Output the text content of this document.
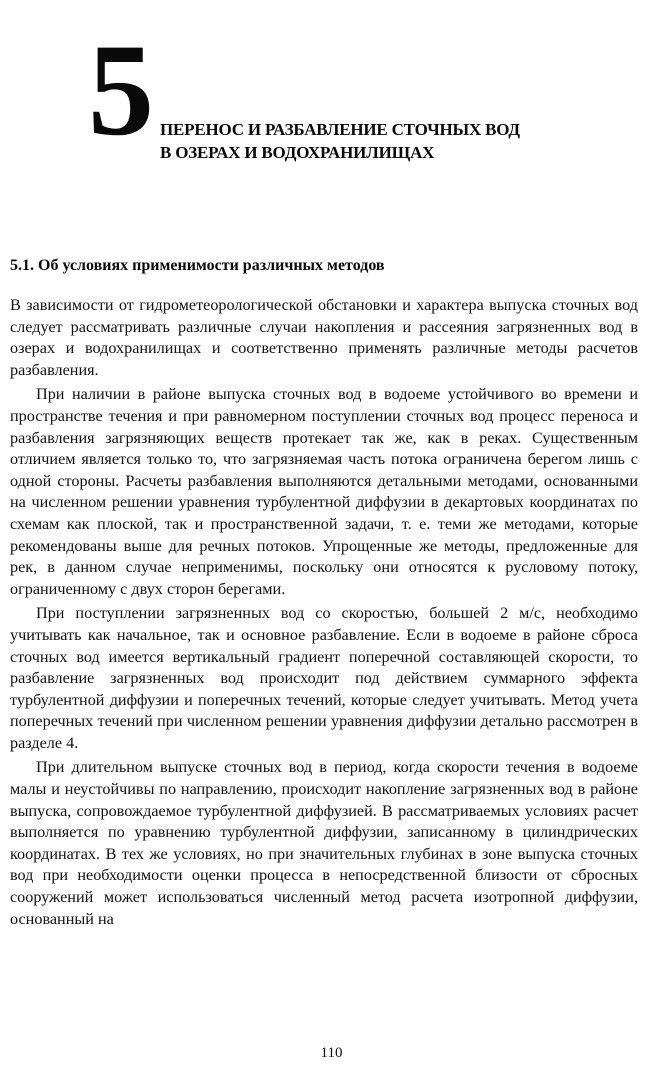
5 ПЕРЕНОС И РАЗБАВЛЕНИЕ СТОЧНЫХ ВОД
В ОЗЕРАХ И ВОДОХРАНИЛИЩАХ
5.1. Об условиях применимости различных методов

В зависимости от гидрометеорологической обстановки и характера выпуска сточных вод следует рассматривать различные случаи накопления и рассеяния загрязненных вод в озерах и водохранилищах и соответственно применять различные методы расчетов разбавления.

При наличии в районе выпуска сточных вод в водоеме устойчивого во времени и пространстве течения и при равномерном поступлении сточных вод процесс переноса и разбавления загрязняющих веществ протекает так же, как в реках. Существенным отличием является только то, что загрязняемая часть потока ограничена берегом лишь с одной стороны. Расчеты разбавления выполняются детальными методами, основанными на численном решении уравнения турбулентной диффузии в декартовых координатах по схемам как плоской, так и пространственной задачи, т. е. теми же методами, которые рекомендованы выше для речных потоков. Упрощенные же методы, предложенные для рек, в данном случае неприменимы, поскольку они относятся к русловому потоку, ограниченному с двух сторон берегами.

При поступлении загрязненных вод со скоростью, большей 2 м/с, необходимо учитывать как начальное, так и основное разбавление. Если в водоеме в районе сброса сточных вод имеется вертикальный градиент поперечной составляющей скорости, то разбавление загрязненных вод происходит под действием суммарного эффекта турбулентной диффузии и поперечных течений, которые следует учитывать. Метод учета поперечных течений при численном решении уравнения диффузии детально рассмотрен в разделе 4.

При длительном выпуске сточных вод в период, когда скорости течения в водоеме малы и неустойчивы по направлению, происходит накопление загрязненных вод в районе выпуска, сопровождаемое турбулентной диффузией. В рассматриваемых условиях расчет выполняется по уравнению турбулентной диффузии, записанному в цилиндрических координатах. В тех же условиях, но при значительных глубинах в зоне выпуска сточных вод при необходимости оценки процесса в непосредственной близости от сбросных сооружений может использоваться численный метод расчета изотропной диффузии, основанный на

110
